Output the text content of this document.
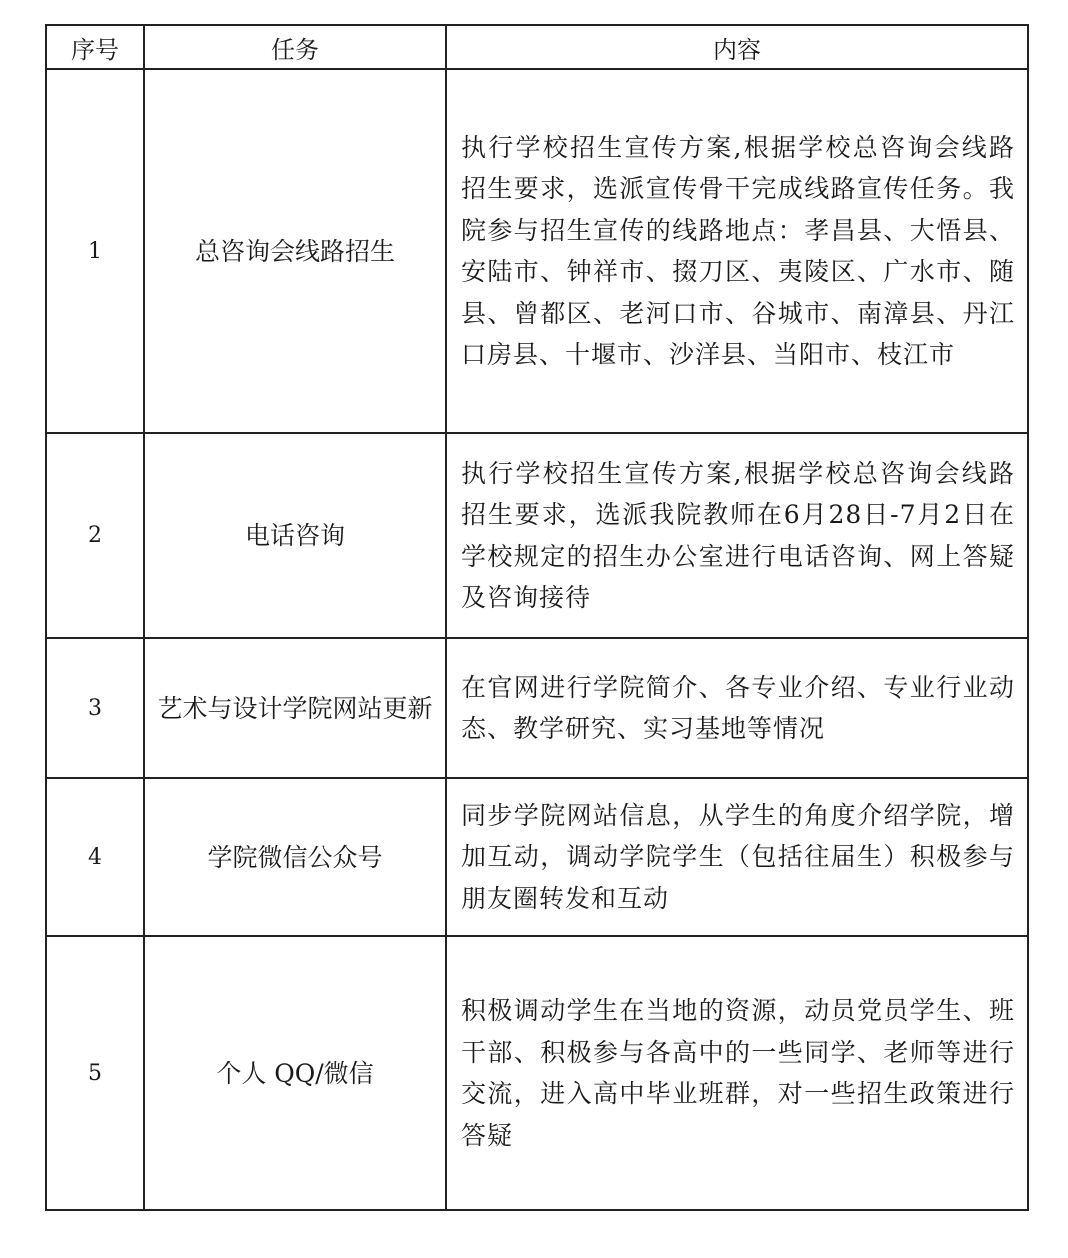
序号	任务	内容
1	总咨询会线路招生	执行学校招生宣传方案,根据学校总咨询会线路招生要求，选派宣传骨干完成线路宣传任务。我院参与招生宣传的线路地点：孝昌县、大悟县、安陆市、钟祥市、掇刀区、夷陵区、广水市、随县、曾都区、老河口市、谷城市、南漳县、丹江口房县、十堰市、沙洋县、当阳市、枝江市
2	电话咨询	执行学校招生宣传方案,根据学校总咨询会线路招生要求，选派我院教师在6月28日-7月2日在学校规定的招生办公室进行电话咨询、网上答疑及咨询接待
3	艺术与设计学院网站更新	在官网进行学院简介、各专业介绍、专业行业动态、教学研究、实习基地等情况
4	学院微信公众号	同步学院网站信息，从学生的角度介绍学院，增加互动，调动学院学生（包括往届生）积极参与朋友圈转发和互动
5	个人 QQ/微信	积极调动学生在当地的资源，动员党员学生、班干部、积极参与各高中的一些同学、老师等进行交流，进入高中毕业班群，对一些招生政策进行答疑
